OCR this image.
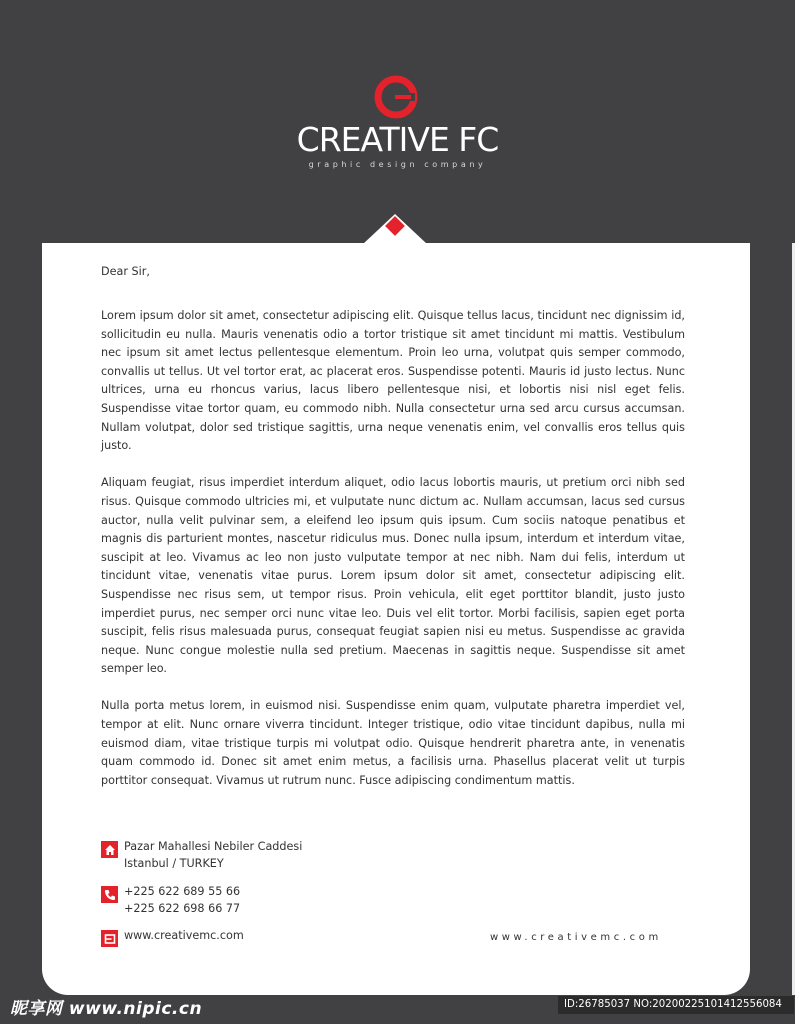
CREATIVE FC
graphic design company
Dear Sir,

Lorem ipsum dolor sit amet, consectetur adipiscing elit. Quisque tellus lacus, tincidunt nec dignissim id, sollicitudin eu nulla. Mauris venenatis odio a tortor tristique sit amet tincidunt mi mattis. Vestibulum nec ipsum sit amet lectus pellentesque elementum. Proin leo urna, volutpat quis semper commodo, convallis ut tellus. Ut vel tortor erat, ac placerat eros. Suspendisse potenti. Mauris id justo lectus. Nunc ultrices, urna eu rhoncus varius, lacus libero pellentesque nisi, et lobortis nisi nisl eget felis. Suspendisse vitae tortor quam, eu commodo nibh. Nulla consectetur urna sed arcu cursus accumsan. Nullam volutpat, dolor sed tristique sagittis, urna neque venenatis enim, vel convallis eros tellus quis justo.

Aliquam feugiat, risus imperdiet interdum aliquet, odio lacus lobortis mauris, ut pretium orci nibh sed risus. Quisque commodo ultricies mi, et vulputate nunc dictum ac. Nullam accumsan, lacus sed cursus auctor, nulla velit pulvinar sem, a eleifend leo ipsum quis ipsum. Cum sociis natoque penatibus et magnis dis parturient montes, nascetur ridiculus mus. Donec nulla ipsum, interdum et interdum vitae, suscipit at leo. Vivamus ac leo non justo vulputate tempor at nec nibh. Nam dui felis, interdum ut tincidunt vitae, venenatis vitae purus. Lorem ipsum dolor sit amet, consectetur adipiscing elit. Suspendisse nec risus sem, ut tempor risus. Proin vehicula, elit eget porttitor blandit, justo justo imperdiet purus, nec semper orci nunc vitae leo. Duis vel elit tortor. Morbi facilisis, sapien eget porta suscipit, felis risus malesuada purus, consequat feugiat sapien nisi eu metus. Suspendisse ac gravida neque. Nunc congue molestie nulla sed pretium. Maecenas in sagittis neque. Suspendisse sit amet semper leo.

Nulla porta metus lorem, in euismod nisi. Suspendisse enim quam, vulputate pharetra imperdiet vel, tempor at elit. Nunc ornare viverra tincidunt. Integer tristique, odio vitae tincidunt dapibus, nulla mi euismod diam, vitae tristique turpis mi volutpat odio. Quisque hendrerit pharetra ante, in venenatis quam commodo id. Donec sit amet enim metus, a facilisis urna. Phasellus placerat velit ut turpis porttitor consequat. Vivamus ut rutrum nunc. Fusce adipiscing condimentum mattis.

Pazar Mahallesi Nebiler Caddesi
Istanbul / TURKEY
+225 622 689 55 66
+225 622 698 66 77
www.creativemc.com	www.creativemc.com
昵享网 www.nipic.cn	ID:26785037 NO:20200225101412556084
